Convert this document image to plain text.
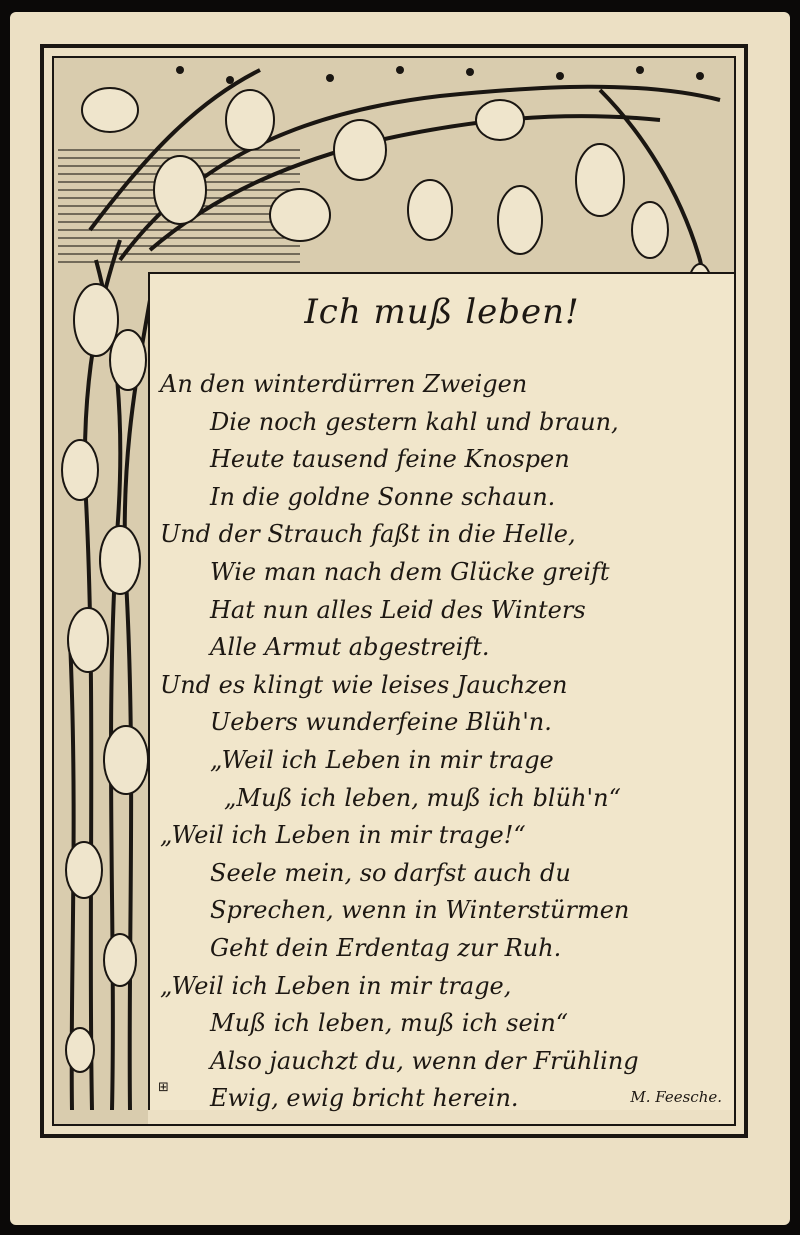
Ich muß leben!
An den winterdürren Zweigen
Die noch gestern kahl und braun,
Heute tausend feine Knospen
In die goldne Sonne schaun.
Und der Strauch faßt in die Helle,
Wie man nach dem Glücke greift
Hat nun alles Leid des Winters
Alle Armut abgestreift.
Und es klingt wie leises Jauchzen
Uebers wunderfeine Blüh'n.
„Weil ich Leben in mir trage
„Muß ich leben, muß ich blüh'n“
„Weil ich Leben in mir trage!“
Seele mein, so darfst auch du
Sprechen, wenn in Winterstürmen
Geht dein Erdentag zur Ruh.
„Weil ich Leben in mir trage,
Muß ich leben, muß ich sein“
Also jauchzt du, wenn der Frühling
Ewig, ewig bricht herein.	M. Feesche.
⊞
